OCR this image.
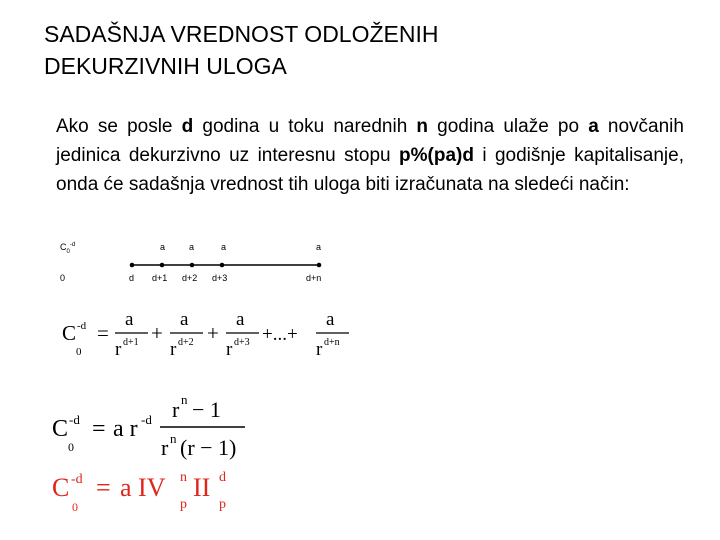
SADAŠNJA VREDNOST ODLOŽENIH
DEKURZIVNIH ULOGA
Ako se posle d godina u toku narednih n godina ulaže po a novčanih jedinica dekurzivno uz interesnu stopu p%(pa)d i godišnje kapitalisanje, onda će sadašnja vrednost tih uloga biti izračunata na sledeći način:
$C_0^{-d}$	a	a	a	a
0	d d+1 d+2 d+3	d+n
C -d
0
=
a
r d+1 +
a
r d+2 +
a
r d+3 +...+
a
r d+n
C -d
0
= a r -d r n − 1
r n (r − 1)
C -d
0
= a IV n
p
II d
p
